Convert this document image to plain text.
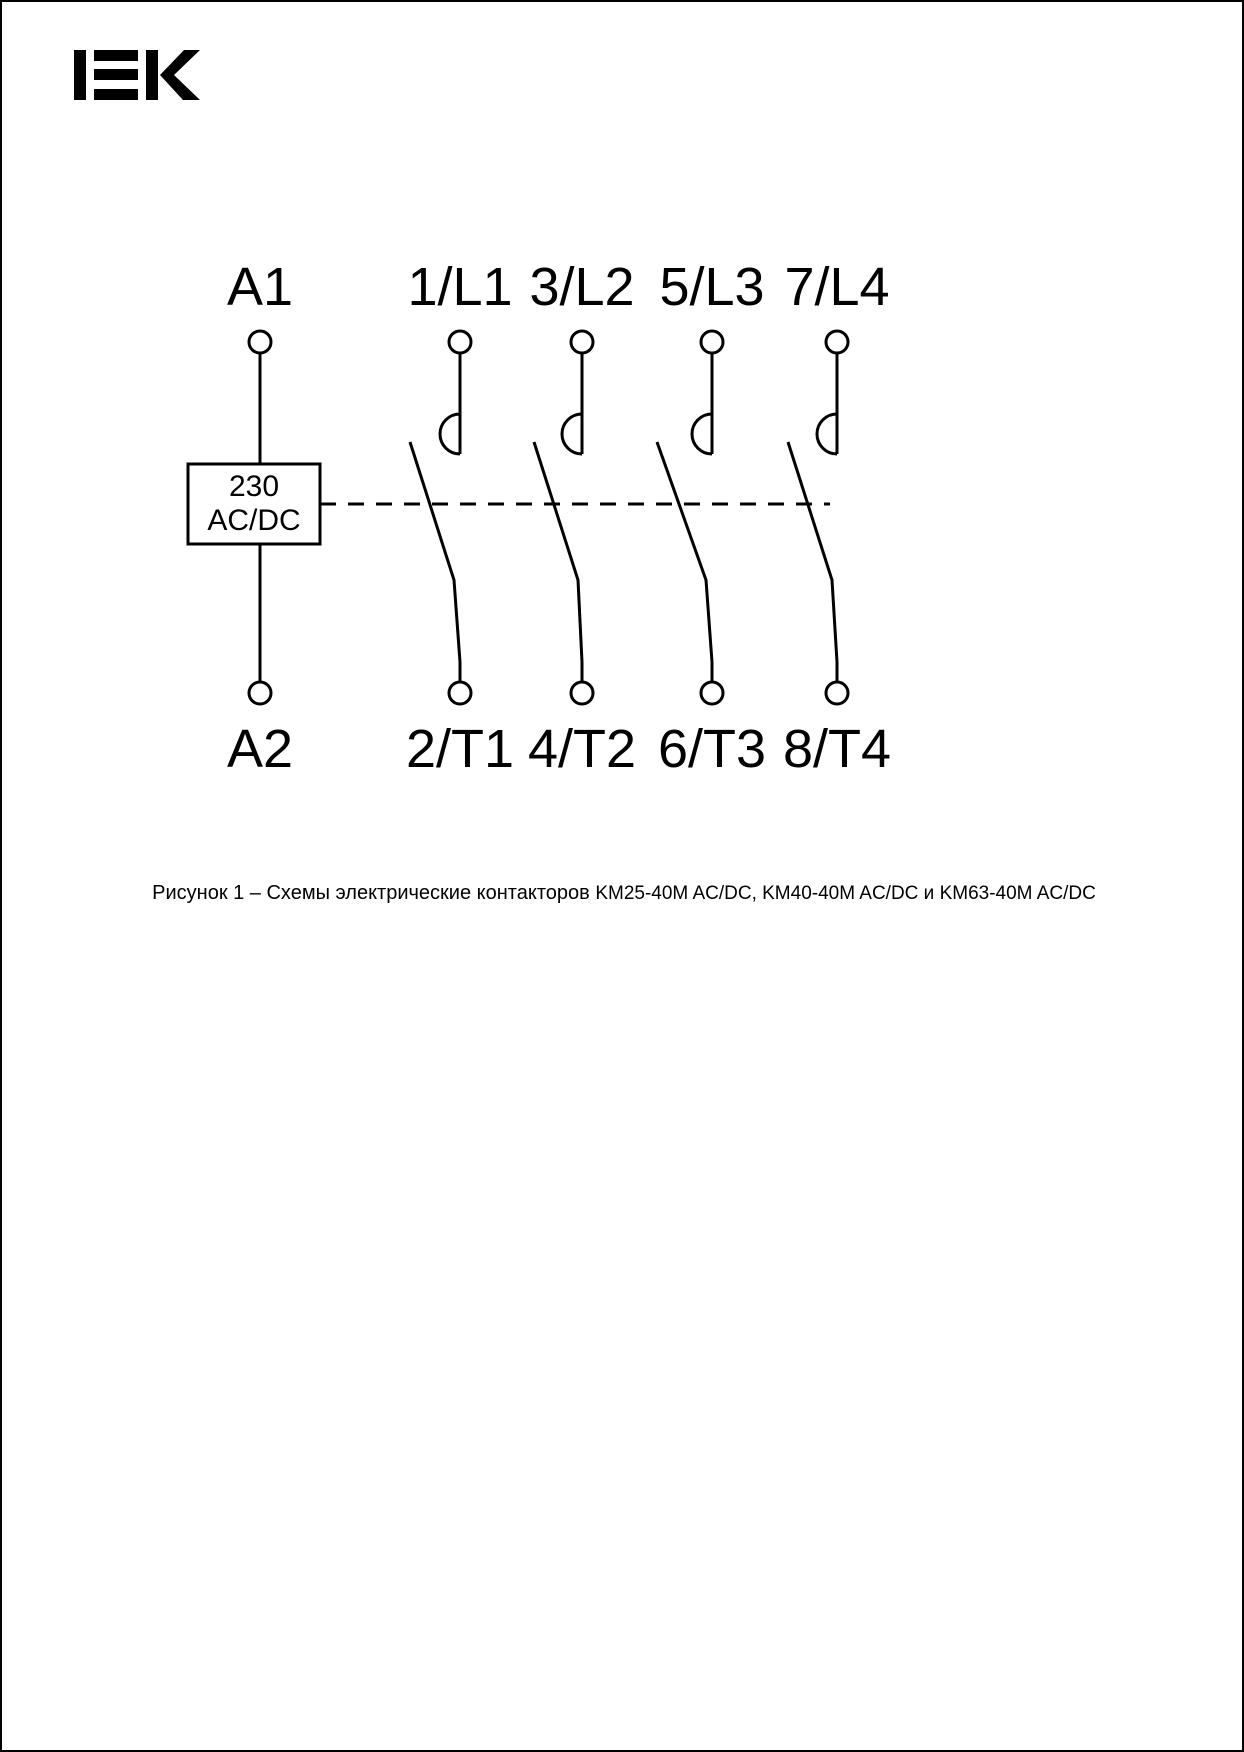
230
AC/DC
A1	1/L1 3/L2 5/L3 7/L4
A2	2/T1 4/T2 6/T3 8/T4
Рисунок 1 – Схемы электрические контакторов KM25-40M AC/DC, KM40-40M AC/DC и KM63-40M AC/DC
